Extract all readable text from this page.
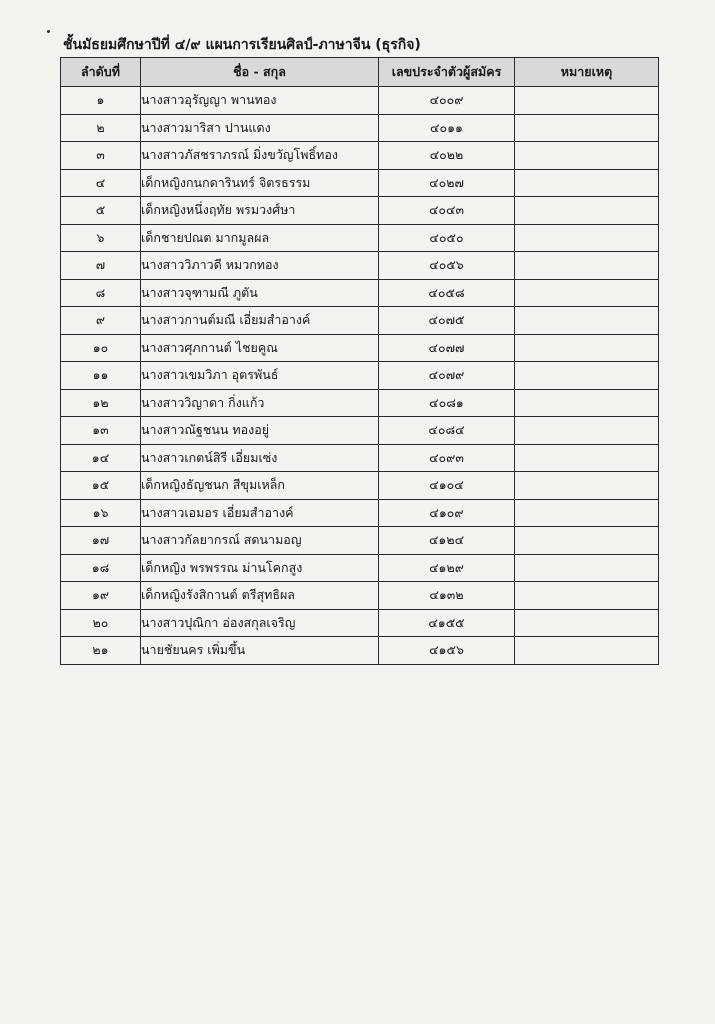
ชั้นมัธยมศึกษาปีที่ ๔/๙ แผนการเรียนศิลป์-ภาษาจีน (ธุรกิจ)
ลำดับที่	ชื่อ - สกุล	เลขประจำตัวผู้สมัคร	หมายเหตุ
๑	นางสาวอุรัญญา พานทอง	๔๐๐๙	
๒	นางสาวมาริสา ปานแดง	๔๐๑๑	
๓	นางสาวภัสชราภรณ์ มิ่งขวัญโพธิ์ทอง	๔๐๒๒	
๔	เด็กหญิงกนกดารินทร์ จิตรธรรม	๔๐๒๗	
๕	เด็กหญิงหนึ่งฤทัย พรมวงศ์ษา	๔๐๔๓	
๖	เด็กชายปณต มากมูลผล	๔๐๕๐	
๗	นางสาววิภาวดี หมวกทอง	๔๐๕๖	
๘	นางสาวจุฑามณี ภูตัน	๔๐๕๘	
๙	นางสาวกานต์มณี เอี่ยมสำอางค์	๔๐๗๕	
๑๐	นางสาวศุภกานต์ ไชยคูณ	๔๐๗๗	
๑๑	นางสาวเขมวิภา อุตรพันธ์	๔๐๗๙	
๑๒	นางสาววิญาดา กิ่งแก้ว	๔๐๘๑	
๑๓	นางสาวณัฐชนน ทองอยู่	๔๐๘๔	
๑๔	นางสาวเกตน์สิรี เอี่ยมเซ่ง	๔๐๙๓	
๑๕	เด็กหญิงธัญชนก สีขุมเหล็ก	๔๑๐๔	
๑๖	นางสาวเอมอร เอี่ยมสำอางค์	๔๑๐๙	
๑๗	นางสาวกัลยากรณ์ สดนามอญ	๔๑๒๔	
๑๘	เด็กหญิง พรพรรณ ม่านโคกสูง	๔๑๒๙	
๑๙	เด็กหญิงรังสิกานต์ ตรีสุทธิผล	๔๑๓๒	
๒๐	นางสาวปุณิกา อ่องสกุลเจริญ	๔๑๕๕	
๒๑	นายชัยนคร เพิ่มขึ้น	๔๑๕๖	
